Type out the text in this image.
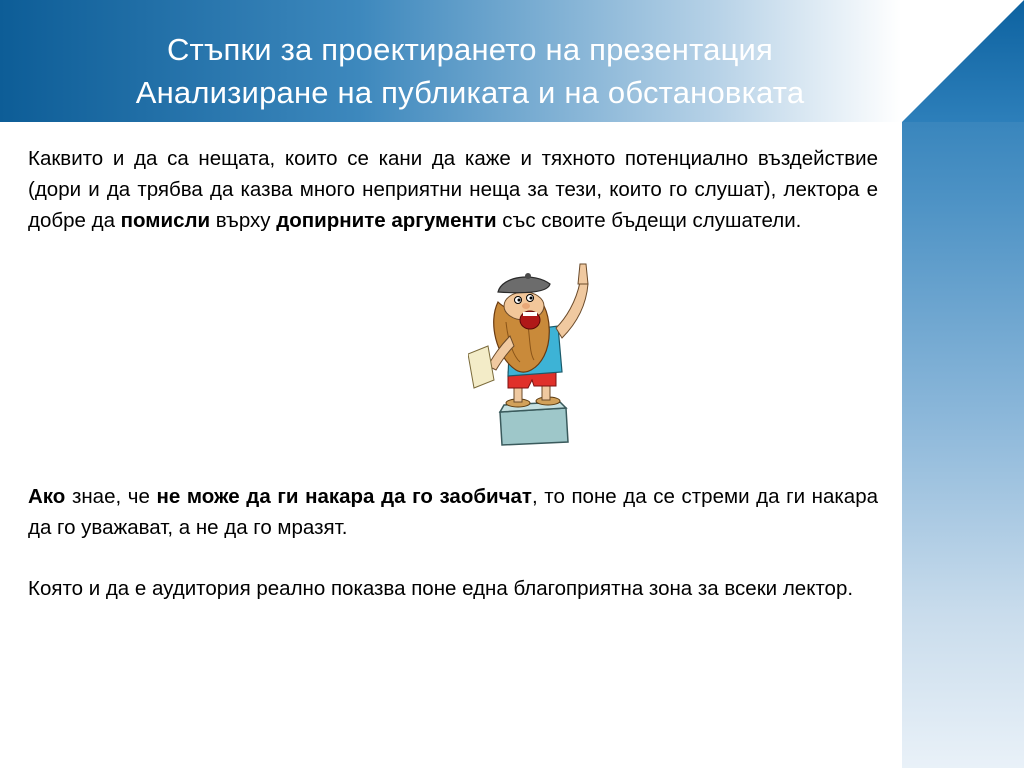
Стъпки за проектирането на презентация
Анализиране на публиката и на обстановката
Каквито и да са нещата, които се кани да каже и тяхното потенциално въздействие (дори и да трябва да казва много неприятни неща за тези, които го слушат), лектора е добре да помисли върху допирните аргументи със своите бъдещи слушатели.
Ако знае, че не може да ги накара да го заобичат, то поне да се стреми да ги накара да го уважават, а не да го мразят.
Която и да е аудитория реално показва поне една благоприятна зона за всеки лектор.
